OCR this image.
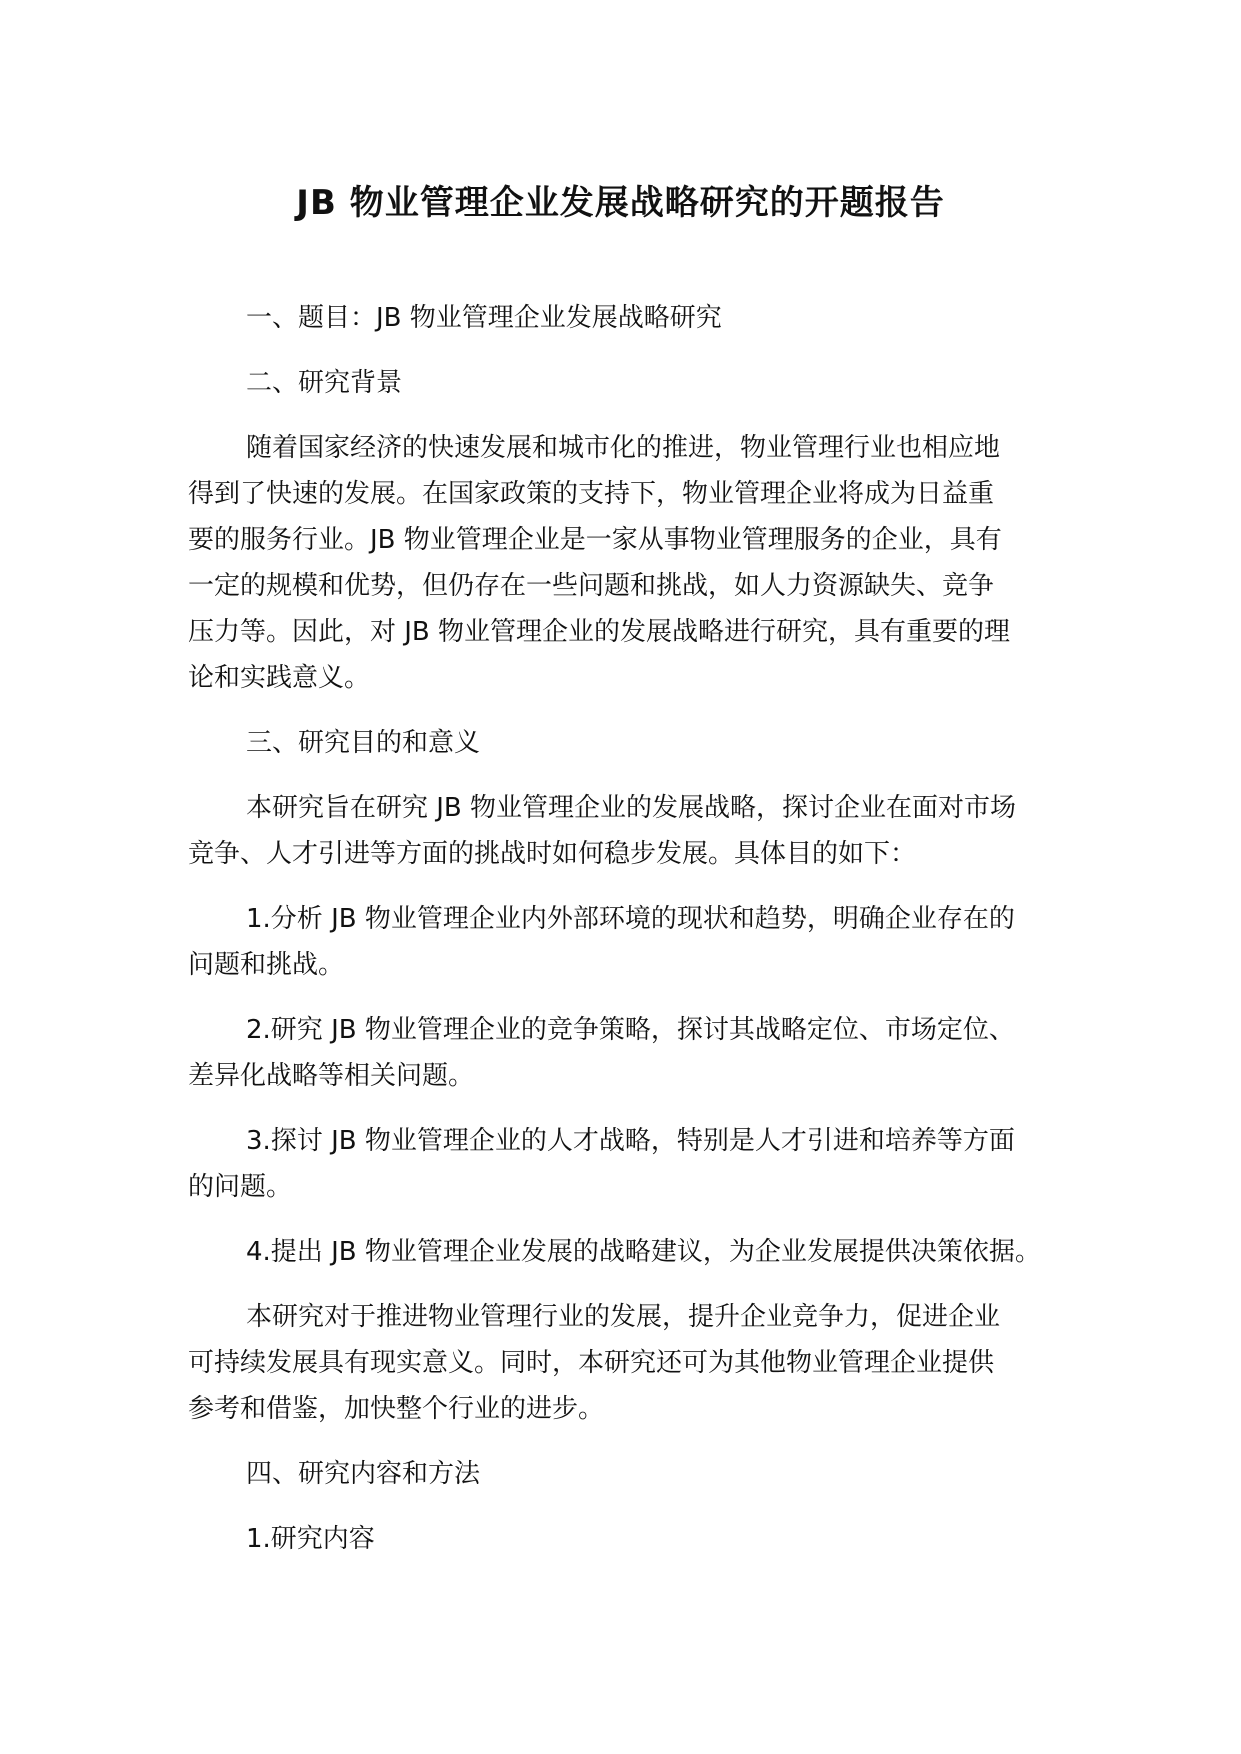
JB 物业管理企业发展战略研究的开题报告
一、题目：JB 物业管理企业发展战略研究
二、研究背景
随着国家经济的快速发展和城市化的推进，物业管理行业也相应地
得到了快速的发展。在国家政策的支持下，物业管理企业将成为日益重
要的服务行业。JB 物业管理企业是一家从事物业管理服务的企业，具有
一定的规模和优势，但仍存在一些问题和挑战，如人力资源缺失、竞争
压力等。因此，对 JB 物业管理企业的发展战略进行研究，具有重要的理
论和实践意义。
三、研究目的和意义
本研究旨在研究 JB 物业管理企业的发展战略，探讨企业在面对市场
竞争、人才引进等方面的挑战时如何稳步发展。具体目的如下：
1.分析 JB 物业管理企业内外部环境的现状和趋势，明确企业存在的
问题和挑战。
2.研究 JB 物业管理企业的竞争策略，探讨其战略定位、市场定位、
差异化战略等相关问题。
3.探讨 JB 物业管理企业的人才战略，特别是人才引进和培养等方面
的问题。
4.提出 JB 物业管理企业发展的战略建议，为企业发展提供决策依据。
本研究对于推进物业管理行业的发展，提升企业竞争力，促进企业
可持续发展具有现实意义。同时，本研究还可为其他物业管理企业提供
参考和借鉴，加快整个行业的进步。
四、研究内容和方法
1.研究内容
